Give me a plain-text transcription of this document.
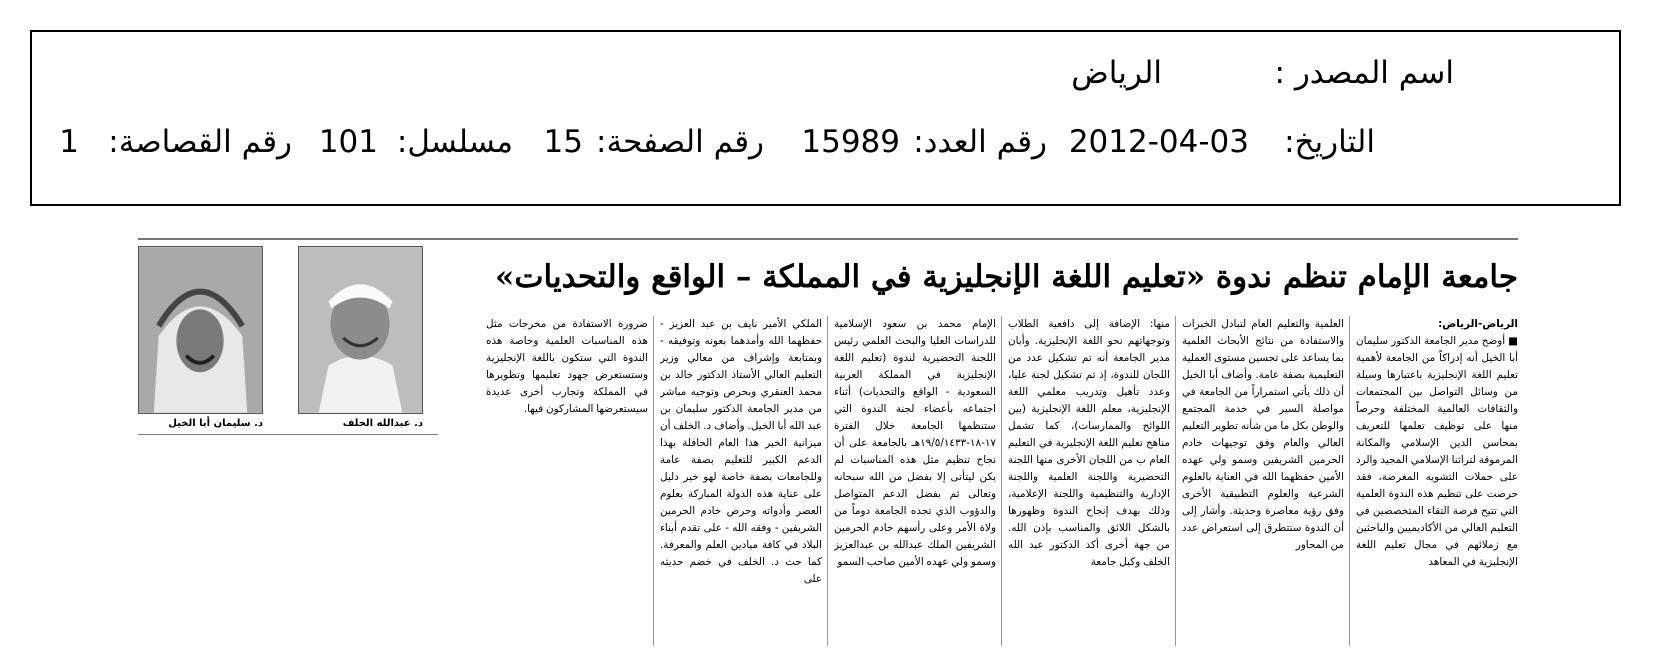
اسم المصدر :
الرياض
التاريخ:
2012-04-03
رقم العدد:
15989
رقم الصفحة:
15
مسلسل:
101
رقم القصاصة:
1
جامعة الإمام تنظم ندوة «تعليم اللغة الإنجليزية في المملكة – الواقع والتحديات»
الرياض-الرياض:
■ أوضح مدير الجامعة الدكتور سليمان أبا الخيل أنه إدراكاً من الجامعة لأهمية تعليم اللغة الإنجليزية باعتبارها وسيلة من وسائل التواصل بين المجتمعات والثقافات العالمية المختلفة وحرصاً منها على توظيف تعلمها للتعريف بمحاسن الدين الإسلامي والمكانة المرموقة لتراثنا الإسلامي المجيد والرد على حملات التشويه المغرضة، فقد حرصت على تنظيم هذه الندوة العلمية التي تتيح فرصة التقاء المتخصصين في التعليم العالي من الأكاديميين والباحثين مع زملائهم في مجال تعليم اللغة الإنجليزية في المعاهد
العلمية والتعليم العام لتبادل الخبرات والاستفادة من نتائج الأبحاث العلمية بما يساعد على تحسين مستوى العملية التعليمية بصفة عامة. وأضاف أبا الخيل أن ذلك يأتي استمراراً من الجامعة في مواصلة السير في خدمة المجتمع والوطن بكل ما من شأنه تطوير التعليم العالي والعام وفق توجيهات خادم الحرمين الشريفين وسمو ولي عهده الأمين حفظهما الله في العناية بالعلوم الشرعية والعلوم التطبيقية الأخرى وفق رؤية معاصرة وحديثة. وأشار إلى أن الندوة ستتطرق إلى استعراض عدد من المحاور
منها: الإضافة إلى دافعية الطلاب وتوجهاتهم نحو اللغة الإنجليزية. وأبان مدير الجامعة أنه تم تشكيل عدد من اللجان للندوة، إذ تم تشكيل لجنة عليا، وعدد تأهيل وتدريب معلمي اللغة الإنجليزية، معلم اللغة الإنجليزية (بين اللوائح والممارسات)، كما تشمل مناهج تعليم اللغة الإنجليزية في التعليم العام ب من اللجان الأخرى منها اللجنة التحضيرية واللجنة العلمية واللجنة الإدارية والتنظيمية واللجنة الإعلامية، وذلك بهدف إنجاح الندوة وظهورها بالشكل اللائق والمناسب بإذن الله. من جهة أخرى أكد الدكتور عبد الله الخلف وكيل جامعة
الإمام محمد بن سعود الإسلامية للدراسات العليا والبحث العلمي رئيس اللجنة التحضيرية لندوة (تعليم اللغة الإنجليزية في المملكة العربية السعودية - الواقع والتحديات) أثناء اجتماعه بأعضاء لجنة الندوة التي ستنظمها الجامعة خلال الفترة ١٧-١٨-١٩/٥/١٤٣٣هـ بالجامعة على أن نجاح تنظيم مثل هذه المناسبات لم يكن ليتأتى إلا بفضل من الله سبحانه وتعالى ثم بفضل الدعم المتواصل والدؤوب الذي تجده الجامعة دوماً من ولاة الأمر وعلى رأسهم خادم الحرمين الشريفين الملك عبدالله بن عبدالعزيز وسمو ولي عهده الأمين صاحب السمو
الملكي الأمير نايف بن عبد العزيز - حفظهما الله وأمدهما بعونه وتوفيقه - وبمتابعة وإشراف من معالي وزير التعليم العالي الأستاذ الدكتور خالد بن محمد العنقري وبحرص وتوجيه مباشر من مدير الجامعة الدكتور سليمان بن عبد الله أبا الخيل. وأضاف د. الخلف أن ميزانية الخير هذا العام الحافلة بهذا الدعم الكبير للتعليم بصفة عامة وللجامعات بصفة خاصة لهو خير دليل على عناية هذه الدولة المباركة بعلوم العصر وأدواته وحرص خادم الحرمين الشريفين - وفقه الله - على تقدم أبناء البلاد في كافة ميادين العلم والمعرفة. كما حث د. الخلف في خضم حديثه على
ضرورة الاستفادة من مخرجات مثل هذه المناسبات العلمية وخاصة هذه الندوة التي ستكون باللغة الإنجليزية وستستعرض جهود تعليمها وتطويرها في المملكة وتجارب أخرى عديدة سيستعرضها المشاركون فيها.
د. عبدالله الخلف
د. سليمان أبا الخيل
